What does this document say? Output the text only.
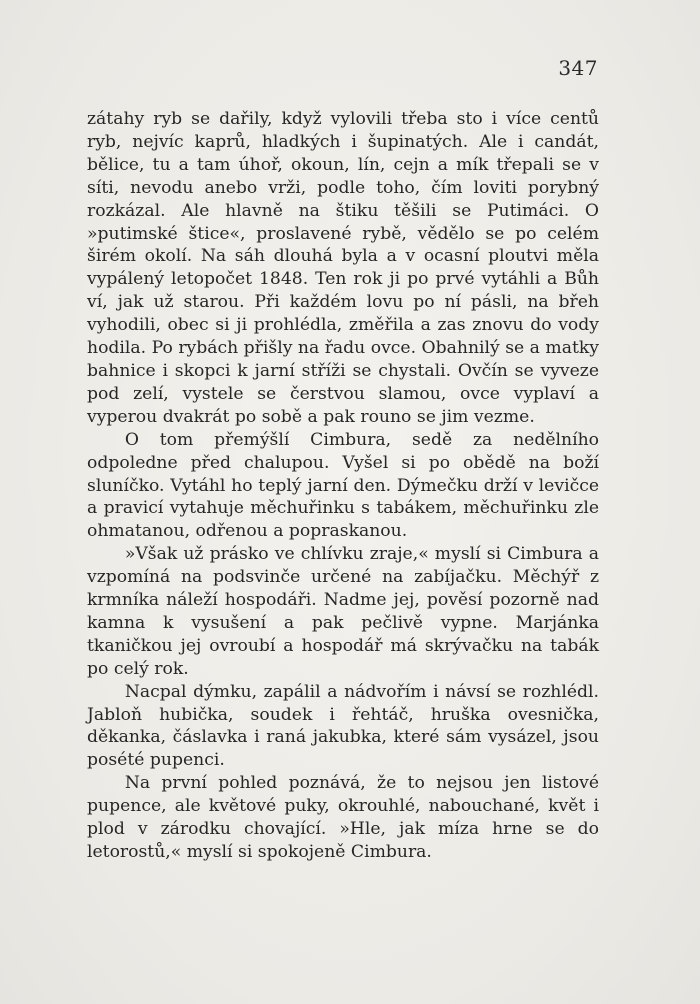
347

zátahy ryb se dařily, když vylovili třeba sto i více centů ryb, nejvíc kaprů, hladkých i šupinatých. Ale i candát, bělice, tu a tam úhoř, okoun, lín, cejn a mík třepali se v síti, nevodu anebo vrži, podle toho, čím loviti porybný rozkázal. Ale hlavně na štiku těšili se Putimáci. O »putimské štice«, proslavené rybě, vědělo se po celém širém okolí. Na sáh dlouhá byla a v ocasní ploutvi měla vypálený letopočet 1848. Ten rok ji po prvé vytáhli a Bůh ví, jak už starou. Při každém lovu po ní pásli, na břeh vyhodili, obec si ji prohlédla, změřila a zas znovu do vody hodila. Po rybách přišly na řadu ovce. Obahnilý se a matky bahnice i skopci k jarní stříži se chystali. Ovčín se vyveze pod zelí, vystele se čerstvou slamou, ovce vyplaví a vyperou dvakrát po sobě a pak rouno se jim vezme.

O tom přemýšlí Cimbura, sedě za nedělního odpoledne před chalupou. Vyšel si po obědě na boží sluníčko. Vytáhl ho teplý jarní den. Dýmečku drží v levičce a pravicí vytahuje měchuřinku s tabákem, měchuřinku zle ohmatanou, odřenou a popraskanou.

»Však už prásko ve chlívku zraje,« myslí si Cimbura a vzpomíná na podsvinče určené na zabíjačku. Měchýř z krmníka náleží hospodáři. Nadme jej, pověsí pozorně nad kamna k vysušení a pak pečlivě vypne. Marjánka tkaničkou jej ovroubí a hospodář má skrývačku na tabák po celý rok.

Nacpal dýmku, zapálil a nádvořím i návsí se rozhlédl. Jabloň hubička, soudek i řehtáč, hruška ovesnička, děkanka, čáslavka i raná jakubka, které sám vysázel, jsou posété pupenci.

Na první pohled poznává, že to nejsou jen listové pupence, ale květové puky, okrouhlé, nabouchané, květ i plod v zárodku chovající. »Hle, jak míza hrne se do letorostů,« myslí si spokojeně Cimbura.
